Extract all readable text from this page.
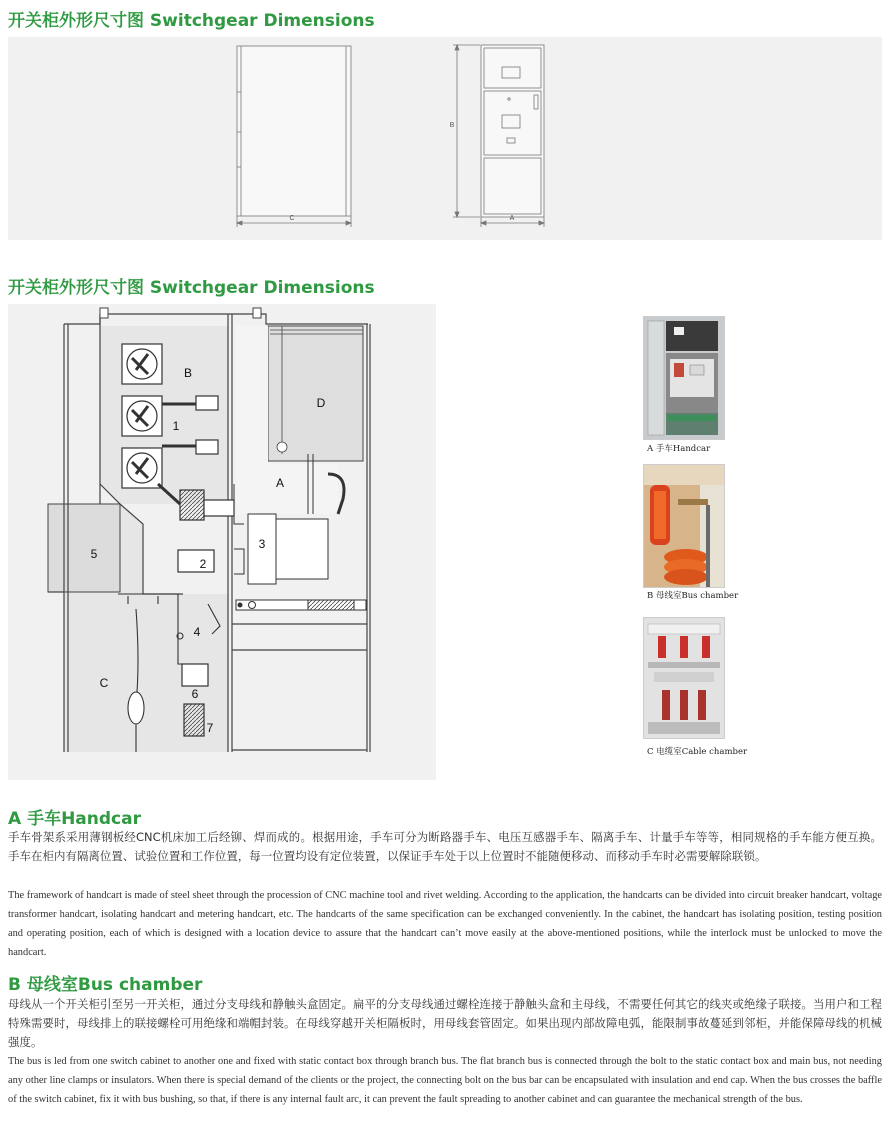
开关柜外形尺寸图 Switchgear Dimensions
C
B
A
开关柜外形尺寸图 Switchgear Dimensions
B
D
1
A
3
5
2
4
C
6
7
A 手车Handcar
B 母线室Bus chamber
C 电缆室Cable chamber
A 手车Handcar
手车骨架系采用薄钢板经CNC机床加工后经铆、焊而成的。根据用途，手车可分为断路器手车、电压互感器手车、隔离手车、计量手车等等，相同规格的手车能方便互换。手车在柜内有隔离位置、试验位置和工作位置，每一位置均设有定位装置，以保证手车处于以上位置时不能随便移动、而移动手车时必需要解除联锁。
The framework of handcart is made of steel sheet through the procession of CNC machine tool and rivet welding. According to the application, the handcarts can be divided into circuit breaker handcart, voltage transformer handcart, isolating handcart and metering handcart, etc. The handcarts of the same specification can be exchanged conveniently. In the cabinet, the handcart has isolating position, testing position and operating position, each of which is designed with a location device to assure that the handcart can’t move easily at the above-mentioned positions, while the interlock must be unlocked to move the handcart.
B 母线室Bus chamber
母线从一个开关柜引至另一开关柜，通过分支母线和静触头盒固定。扁平的分支母线通过螺栓连接于静触头盒和主母线，不需要任何其它的线夹或绝缘子联接。当用户和工程特殊需要时，母线排上的联接螺栓可用绝缘和端帽封装。在母线穿越开关柜隔板时，用母线套管固定。如果出现内部故障电弧，能限制事故蔓延到邻柜，并能保障母线的机械强度。
The bus is led from one switch cabinet to another one and fixed with static contact box through branch bus. The flat branch bus is connected through the bolt to the static contact box and main bus, not needing any other line clamps or insulators. When there is special demand of the clients or the project, the connecting bolt on the bus bar can be encapsulated with insulation and end cap. When the bus crosses the baffle of the switch cabinet, fix it with bus bushing, so that, if there is any internal fault arc, it can prevent the fault spreading to another cabinet and can guarantee the mechanical strength of the bus.
